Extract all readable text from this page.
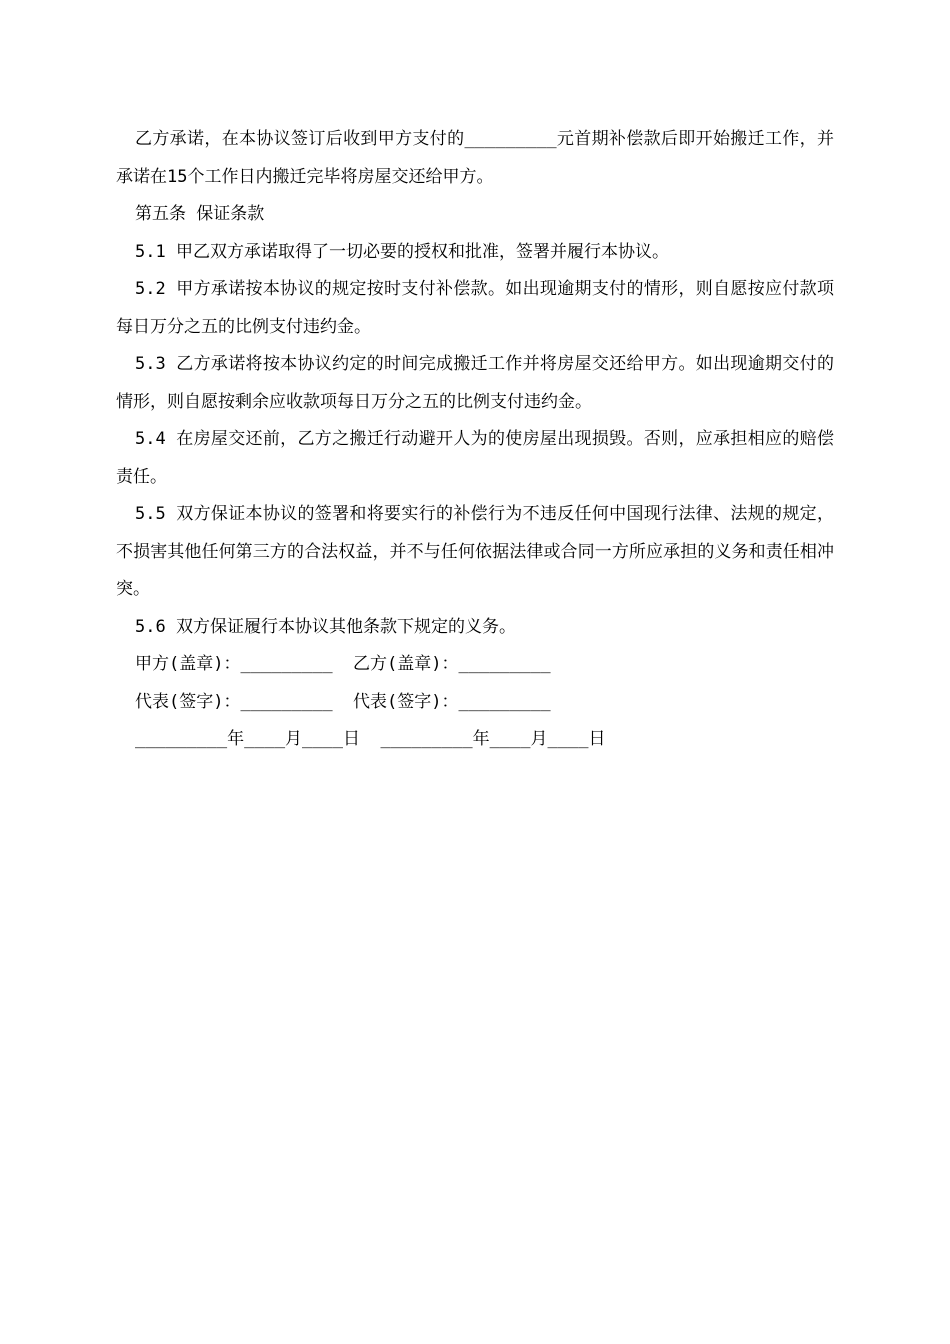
乙方承诺，在本协议签订后收到甲方支付的_________元首期补偿款后即开始搬迁工作，并承诺在15个工作日内搬迁完毕将房屋交还给甲方。

第五条 保证条款

5.1 甲乙双方承诺取得了一切必要的授权和批准，签署并履行本协议。

5.2 甲方承诺按本协议的规定按时支付补偿款。如出现逾期支付的情形，则自愿按应付款项每日万分之五的比例支付违约金。

5.3 乙方承诺将按本协议约定的时间完成搬迁工作并将房屋交还给甲方。如出现逾期交付的情形，则自愿按剩余应收款项每日万分之五的比例支付违约金。

5.4 在房屋交还前，乙方之搬迁行动避开人为的使房屋出现损毁。否则，应承担相应的赔偿责任。

5.5 双方保证本协议的签署和将要实行的补偿行为不违反任何中国现行法律、法规的规定，不损害其他任何第三方的合法权益，并不与任何依据法律或合同一方所应承担的义务和责任相冲突。

5.6 双方保证履行本协议其他条款下规定的义务。

甲方(盖章)：_________  乙方(盖章)：_________

代表(签字)：_________  代表(签字)：_________

_________年____月____日  _________年____月____日
